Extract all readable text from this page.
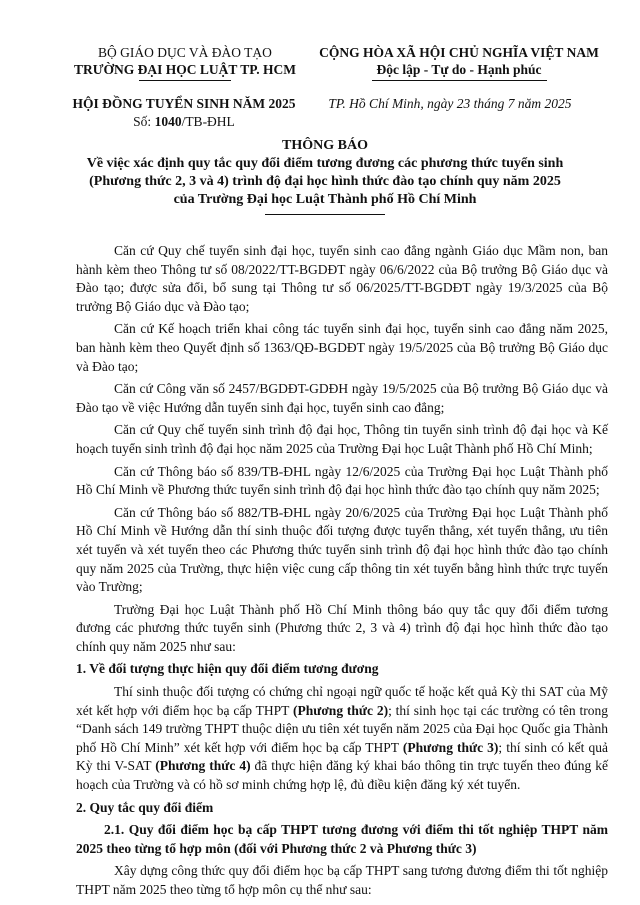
BỘ GIÁO DỤC VÀ ĐÀO TẠO
TRƯỜNG ĐẠI HỌC LUẬT TP. HCM
CỘNG HÒA XÃ HỘI CHỦ NGHĨA VIỆT NAM
Độc lập - Tự do - Hạnh phúc
HỘI ĐỒNG TUYỂN SINH NĂM 2025
Số: 1040/TB-ĐHL
TP. Hồ Chí Minh, ngày 23 tháng 7 năm 2025
THÔNG BÁO
Về việc xác định quy tắc quy đổi điểm tương đương các phương thức tuyển sinh
(Phương thức 2, 3 và 4) trình độ đại học hình thức đào tạo chính quy năm 2025
của Trường Đại học Luật Thành phố Hồ Chí Minh

Căn cứ Quy chế tuyển sinh đại học, tuyển sinh cao đẳng ngành Giáo dục Mầm non, ban hành kèm theo Thông tư số 08/2022/TT-BGDĐT ngày 06/6/2022 của Bộ trưởng Bộ Giáo dục và Đào tạo; được sửa đổi, bổ sung tại Thông tư số 06/2025/TT-BGDĐT ngày 19/3/2025 của Bộ trưởng Bộ Giáo dục và Đào tạo;

Căn cứ Kế hoạch triển khai công tác tuyển sinh đại học, tuyển sinh cao đẳng năm 2025, ban hành kèm theo Quyết định số 1363/QĐ-BGDĐT ngày 19/5/2025 của Bộ trưởng Bộ Giáo dục và Đào tạo;

Căn cứ Công văn số 2457/BGDĐT-GDĐH ngày 19/5/2025 của Bộ trưởng Bộ Giáo dục và Đào tạo về việc Hướng dẫn tuyển sinh đại học, tuyển sinh cao đẳng;

Căn cứ Quy chế tuyển sinh trình độ đại học, Thông tin tuyển sinh trình độ đại học và Kế hoạch tuyển sinh trình độ đại học năm 2025 của Trường Đại học Luật Thành phố Hồ Chí Minh;

Căn cứ Thông báo số 839/TB-ĐHL ngày 12/6/2025 của Trường Đại học Luật Thành phố Hồ Chí Minh về Phương thức tuyển sinh trình độ đại học hình thức đào tạo chính quy năm 2025;

Căn cứ Thông báo số 882/TB-ĐHL ngày 20/6/2025 của Trường Đại học Luật Thành phố Hồ Chí Minh về Hướng dẫn thí sinh thuộc đối tượng được tuyển thẳng, xét tuyển thẳng, ưu tiên xét tuyển và xét tuyển theo các Phương thức tuyển sinh trình độ đại học hình thức đào tạo chính quy năm 2025 của Trường, thực hiện việc cung cấp thông tin xét tuyển bằng hình thức trực tuyến vào Trường;

Trường Đại học Luật Thành phố Hồ Chí Minh thông báo quy tắc quy đổi điểm tương đương các phương thức tuyển sinh (Phương thức 2, 3 và 4) trình độ đại học hình thức đào tạo chính quy năm 2025 như sau:

1. Về đối tượng thực hiện quy đổi điểm tương đương

Thí sinh thuộc đối tượng có chứng chỉ ngoại ngữ quốc tế hoặc kết quả Kỳ thi SAT của Mỹ xét kết hợp với điểm học bạ cấp THPT (Phương thức 2); thí sinh học tại các trường có tên trong “Danh sách 149 trường THPT thuộc diện ưu tiên xét tuyển năm 2025 của Đại học Quốc gia Thành phố Hồ Chí Minh” xét kết hợp với điểm học bạ cấp THPT (Phương thức 3); thí sinh có kết quả Kỳ thi V-SAT (Phương thức 4) đã thực hiện đăng ký khai báo thông tin trực tuyến theo đúng kế hoạch của Trường và có hồ sơ minh chứng hợp lệ, đủ điều kiện đăng ký xét tuyển.

2. Quy tắc quy đổi điểm

2.1. Quy đổi điểm học bạ cấp THPT tương đương với điểm thi tốt nghiệp THPT năm 2025 theo từng tổ hợp môn (đối với Phương thức 2 và Phương thức 3)

Xây dựng công thức quy đổi điểm học bạ cấp THPT sang tương đương điểm thi tốt nghiệp THPT năm 2025 theo từng tổ hợp môn cụ thể như sau:
